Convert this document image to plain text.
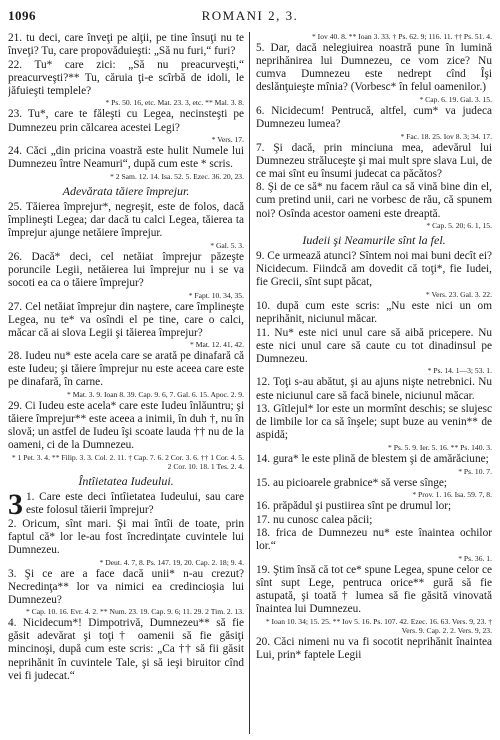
1096	ROMANI 2, 3.
21. tu deci, care înveţi pe alţii, pe tine însuţi nu te înveţi? Tu, care propovăduieşti: „Să nu furi,“ furi?
22. Tu* care zici: „Să nu preacurveşti,“ preacurveşti?** Tu, căruia ţi-e scîrbă de idoli, le jăfuieşti templele?
* Ps. 50. 16, etc. Mat. 23. 3, etc. ** Mal. 3. 8.
23. Tu*, care te făleşti cu Legea, necinsteşti pe Dumnezeu prin călcarea acestei Legi?
* Vers. 17.
24. Căci „din pricina voastră este hulit Numele lui Dumnezeu între Neamuri“, după cum este * scris.
* 2 Sam. 12. 14. Isa. 52. 5. Ezec. 36. 20, 23.
Adevărata tăiere împrejur.
25. Tăierea împrejur*, negreşit, este de folos, dacă împlineşti Legea; dar dacă tu calci Legea, tăierea ta împrejur ajunge netăiere împrejur.
* Gal. 5. 3.
26. Dacă* deci, cel netăiat împrejur păzeşte poruncile Legii, netăierea lui împrejur nu i se va socoti ea ca o tăiere împrejur?
* Fapt. 10. 34, 35.
27. Cel netăiat împrejur din naştere, care împlineşte Legea, nu te* va osîndi el pe tine, care o calci, măcar că ai slova Legii şi tăierea împrejur?
* Mat. 12. 41, 42.
28. Iudeu nu* este acela care se arată pe dinafară că este Iudeu; şi tăiere împrejur nu este aceea care este pe dinafară, în carne.
* Mat. 3. 9. Ioan 8. 39. Cap. 9. 6, 7. Gal. 6. 15. Apoc. 2. 9.
29. Ci Iudeu este acela* care este Iudeu înlăuntru; şi tăiere împrejur** este aceea a inimii, în duh †, nu în slovă; un astfel de Iudeu îşi scoate lauda †† nu de la oameni, ci de la Dumnezeu.
* 1 Pet. 3. 4. ** Filip. 3. 3. Col. 2. 11. † Cap. 7. 6. 2 Cor. 3. 6. †† 1 Cor. 4. 5. 2 Cor. 10. 18. 1 Tes. 2. 4.
Întîietatea Iudeului.
3 1. Care este deci întîietatea Iudeului, sau care este folosul tăierii împrejur?
2. Oricum, sînt mari. Şi mai întîi de toate, prin faptul că* lor le-au fost încredinţate cuvintele lui Dumnezeu.
* Deut. 4. 7, 8. Ps. 147. 19, 20. Cap. 2. 18; 9. 4.
3. Şi ce are a face dacă unii* n-au crezut? Necredinţa** lor va nimici ea credincioşia lui Dumnezeu?
* Cap. 10. 16. Evr. 4. 2. ** Num. 23. 19. Cap. 9. 6; 11. 29. 2 Tim. 2. 13.
4. Nicidecum*! Dimpotrivă, Dumnezeu** să fie găsit adevărat şi toţi† oamenii să fie găsiţi mincinoşi, după cum este scris: „Ca †† să fii găsit neprihănit în cuvintele Tale, şi să ieşi biruitor cînd vei fi judecat.“
* Iov 40. 8. ** Ioan 3. 33. † Ps. 62. 9; 116. 11. †† Ps. 51. 4.
5. Dar, dacă nelegiuirea noastră pune în lumină neprihănirea lui Dumnezeu, ce vom zice? Nu cumva Dumnezeu este nedrept cînd Îşi deslănţuieşte mînia? (Vorbesc* în felul oamenilor.)
* Cap. 6. 19. Gal. 3. 15.
6. Nicidecum! Pentrucă, altfel, cum* va judeca Dumnezeu lumea?
* Fac. 18. 25. Iov 8. 3; 34. 17.
7. Şi dacă, prin minciuna mea, adevărul lui Dumnezeu străluceşte şi mai mult spre slava Lui, de ce mai sînt eu însumi judecat ca păcătos?
8. Şi de ce să* nu facem răul ca să vină bine din el, cum pretind unii, cari ne vorbesc de rău, că spunem noi? Osînda acestor oameni este dreaptă.
* Cap. 5. 20; 6. 1, 15.
Iudeii şi Neamurile sînt la fel.
9. Ce urmează atunci? Sîntem noi mai buni decît ei? Nicidecum. Fiindcă am dovedit că toţi*, fie Iudei, fie Grecii, sînt supt păcat,
* Vers. 23. Gal. 3. 22.
10. după cum este scris: „Nu este nici un om neprihănit, niciunul măcar.
11. Nu* este nici unul care să aibă pricepere. Nu este nici unul care să caute cu tot dinadinsul pe Dumnezeu.
* Ps. 14. 1—3; 53. 1.
12. Toţi s-au abătut, şi au ajuns nişte netrebnici. Nu este niciunul care să facă binele, niciunul măcar.
13. Gîtlejul* lor este un mormînt deschis; se slujesc de limbile lor ca să înşele; supt buze au venin** de aspidă;
* Ps. 5. 9. Ier. 5. 16. ** Ps. 140. 3.
14. gura* le este plină de blestem şi de amărăciune;
* Ps. 10. 7.
15. au picioarele grabnice* să verse sînge;
* Prov. 1. 16. Isa. 59. 7, 8.
16. prăpădul şi pustiirea sînt pe drumul lor;
17. nu cunosc calea păcii;
18. frica de Dumnezeu nu* este înaintea ochilor lor.“
* Ps. 36. 1.
19. Ştim însă că tot ce* spune Legea, spune celor ce sînt supt Lege, pentruca orice** gură să fie astupată, şi toată † lumea să fie găsită vinovată înaintea lui Dumnezeu.
* Ioan 10. 34; 15. 25. ** Iov 5. 16. Ps. 107. 42. Ezec. 16. 63. Vers. 9, 23. † Vers. 9. Cap. 2. 2. Vers. 9, 23.
20. Căci nimeni nu va fi socotit neprihănit înaintea Lui, prin* faptele Legii
